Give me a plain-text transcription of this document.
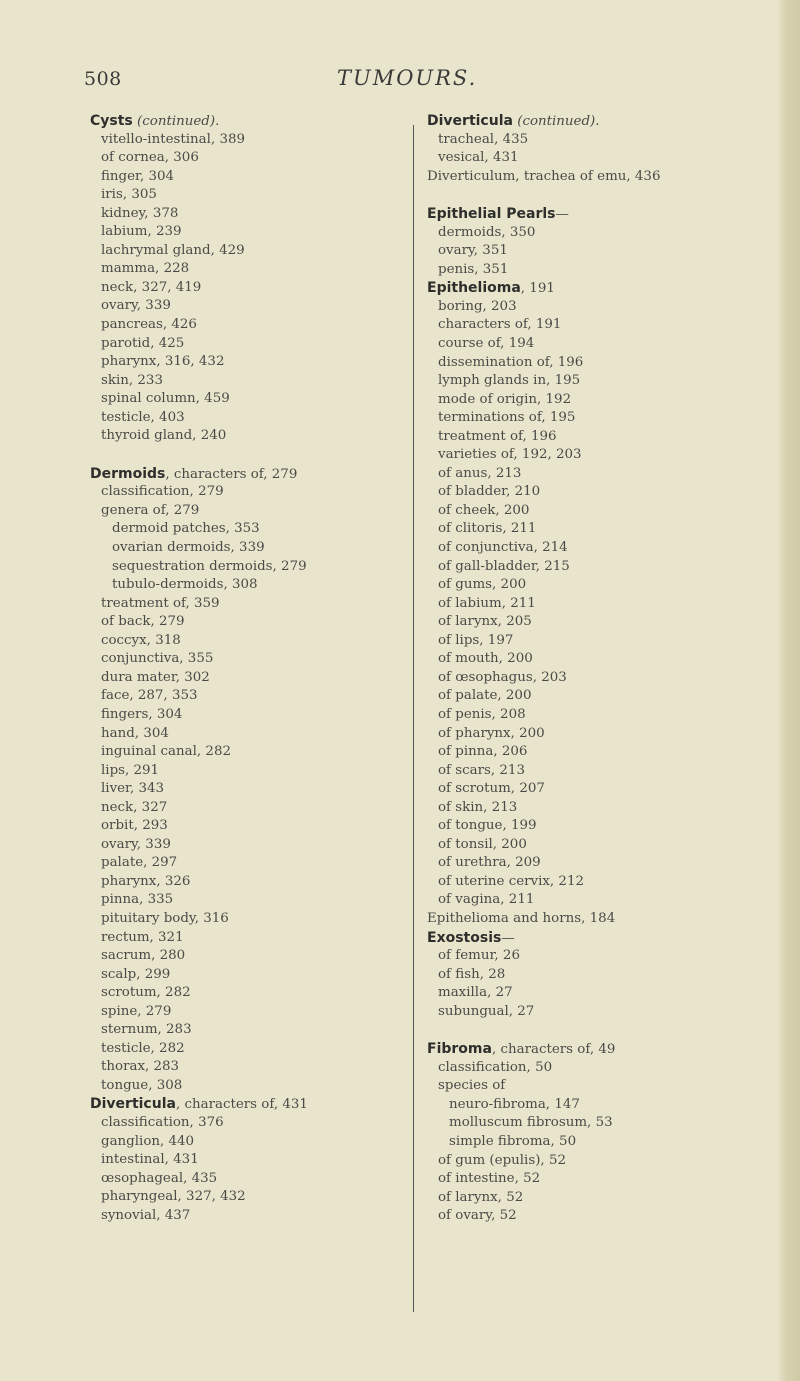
508	TUMOURS.
Cysts (continued).
vitello-intestinal, 389
of cornea, 306
finger, 304
iris, 305
kidney, 378
labium, 239
lachrymal gland, 429
mamma, 228
neck, 327, 419
ovary, 339
pancreas, 426
parotid, 425
pharynx, 316, 432
skin, 233
spinal column, 459
testicle, 403
thyroid gland, 240
Dermoids, characters of, 279
classification, 279
genera of, 279
dermoid patches, 353
ovarian dermoids, 339
sequestration dermoids, 279
tubulo-dermoids, 308
treatment of, 359
of back, 279
coccyx, 318
conjunctiva, 355
dura mater, 302
face, 287, 353
fingers, 304
hand, 304
inguinal canal, 282
lips, 291
liver, 343
neck, 327
orbit, 293
ovary, 339
palate, 297
pharynx, 326
pinna, 335
pituitary body, 316
rectum, 321
sacrum, 280
scalp, 299
scrotum, 282
spine, 279
sternum, 283
testicle, 282
thorax, 283
tongue, 308
Diverticula, characters of, 431
classification, 376
ganglion, 440
intestinal, 431
œsophageal, 435
pharyngeal, 327, 432
synovial, 437
Diverticula (continued).
tracheal, 435
vesical, 431
Diverticulum, trachea of emu, 436
Epithelial Pearls—
dermoids, 350
ovary, 351
penis, 351
Epithelioma, 191
boring, 203
characters of, 191
course of, 194
dissemination of, 196
lymph glands in, 195
mode of origin, 192
terminations of, 195
treatment of, 196
varieties of, 192, 203
of anus, 213
of bladder, 210
of cheek, 200
of clitoris, 211
of conjunctiva, 214
of gall-bladder, 215
of gums, 200
of labium, 211
of larynx, 205
of lips, 197
of mouth, 200
of œsophagus, 203
of palate, 200
of penis, 208
of pharynx, 200
of pinna, 206
of scars, 213
of scrotum, 207
of skin, 213
of tongue, 199
of tonsil, 200
of urethra, 209
of uterine cervix, 212
of vagina, 211
Epithelioma and horns, 184
Exostosis—
of femur, 26
of fish, 28
maxilla, 27
subungual, 27
Fibroma, characters of, 49
classification, 50
species of
neuro-fibroma, 147
molluscum fibrosum, 53
simple fibroma, 50
of gum (epulis), 52
of intestine, 52
of larynx, 52
of ovary, 52
